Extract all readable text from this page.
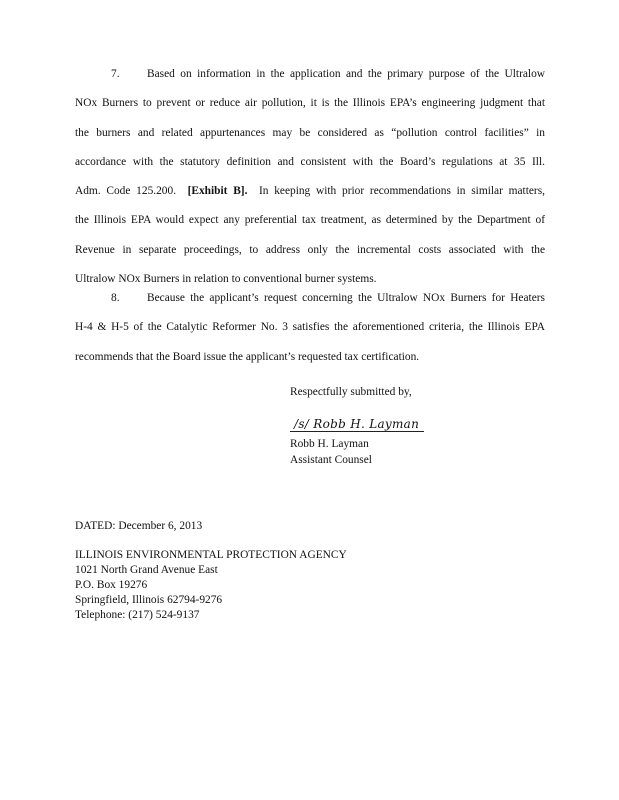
7. Based on information in the application and the primary purpose of the Ultralow
NOx Burners to prevent or reduce air pollution, it is the Illinois EPA’s engineering judgment that
the burners and related appurtenances may be considered as “pollution control facilities” in
accordance with the statutory definition and consistent with the Board’s regulations at 35 Ill.
Adm. Code 125.200. [Exhibit B]. In keeping with prior recommendations in similar matters,
the Illinois EPA would expect any preferential tax treatment, as determined by the Department of
Revenue in separate proceedings, to address only the incremental costs associated with the
Ultralow NOx Burners in relation to conventional burner systems.
8. Because the applicant’s request concerning the Ultralow NOx Burners for Heaters
H-4 & H-5 of the Catalytic Reformer No. 3 satisfies the aforementioned criteria, the Illinois EPA
recommends that the Board issue the applicant’s requested tax certification.
Respectfully submitted by,
/s/ Robb H. Layman
Robb H. Layman
Assistant Counsel
DATED: December 6, 2013
ILLINOIS ENVIRONMENTAL PROTECTION AGENCY
1021 North Grand Avenue East
P.O. Box 19276
Springfield, Illinois 62794-9276
Telephone: (217) 524-9137
